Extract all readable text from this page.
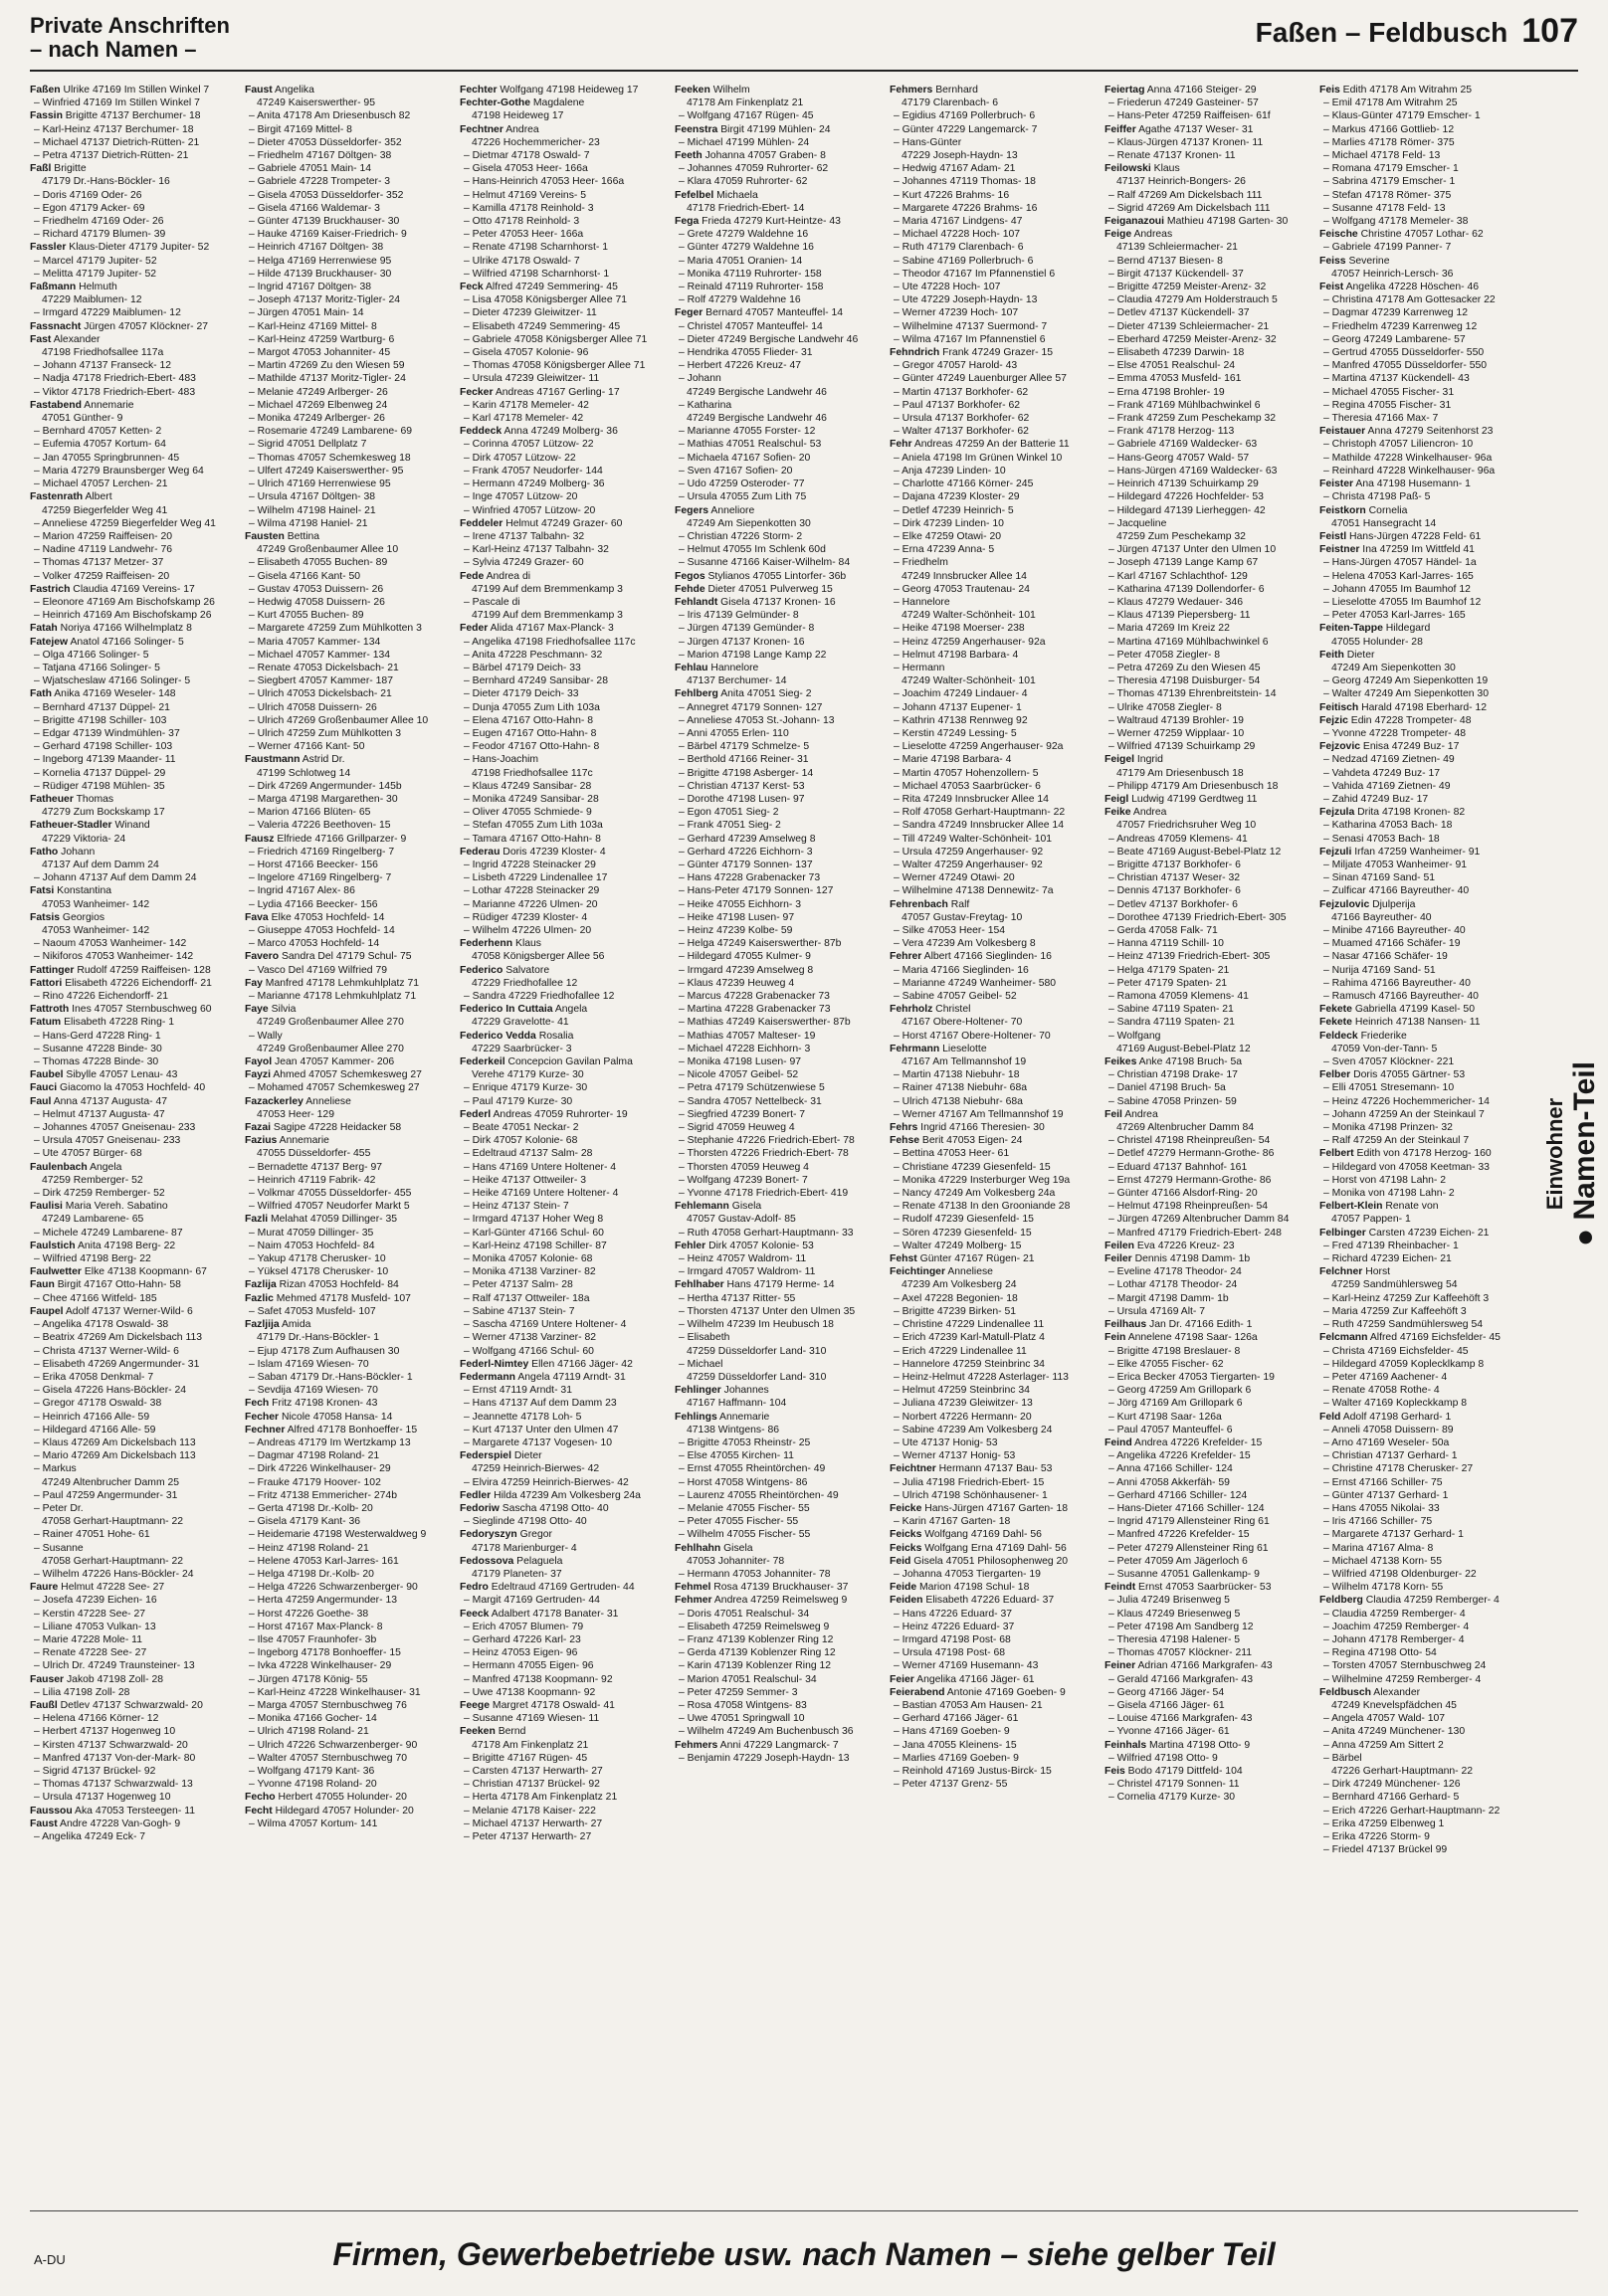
Private Anschriften
– nach Namen –
Faßen – Feldbusch 107
Faßen Ulrike 47169 Im Stillen Winkel 7
– Winfried 47169 Im Stillen Winkel 7
Fassin Brigitte 47137 Berchumer- 18
– Karl-Heinz 47137 Berchumer- 18
– Michael 47137 Dietrich-Rütten- 21
– Petra 47137 Dietrich-Rütten- 21
Faßl Brigitte
47179 Dr.-Hans-Böckler- 16
– Doris 47169 Oder- 26
– Egon 47179 Acker- 69
– Friedhelm 47169 Oder- 26
– Richard 47179 Blumen- 39
Fassler Klaus-Dieter 47179 Jupiter- 52
– Marcel 47179 Jupiter- 52
– Melitta 47179 Jupiter- 52
Faßmann Helmuth
47229 Maiblumen- 12
– Irmgard 47229 Maiblumen- 12
Fassnacht Jürgen 47057 Klöckner- 27
Fast Alexander
47198 Friedhofsallee 117a
– Johann 47137 Franseck- 12
– Nadja 47178 Friedrich-Ebert- 483
– Viktor 47178 Friedrich-Ebert- 483
Fastabend Annemarie
47051 Günther- 9
– Bernhard 47057 Ketten- 2
– Eufemia 47057 Kortum- 64
– Jan 47055 Springbrunnen- 45
– Maria 47279 Braunsberger Weg 64
– Michael 47057 Lerchen- 21
Fastenrath Albert
47259 Biegerfelder Weg 41
– Anneliese 47259 Biegerfelder Weg 41
– Marion 47259 Raiffeisen- 20
– Nadine 47119 Landwehr- 76
– Thomas 47137 Metzer- 37
– Volker 47259 Raiffeisen- 20
Fastrich Claudia 47169 Vereins- 17
– Eleonore 47169 Am Bischofskamp 26
– Heinrich 47169 Am Bischofskamp 26
Fatah Noriya 47166 Wilhelmplatz 8
Fatejew Anatol 47166 Solinger- 5
– Olga 47166 Solinger- 5
– Tatjana 47166 Solinger- 5
– Wjatscheslaw 47166 Solinger- 5
Fath Anika 47169 Weseler- 148
– Bernhard 47137 Düppel- 21
– Brigitte 47198 Schiller- 103
– Edgar 47139 Windmühlen- 37
– Gerhard 47198 Schiller- 103
– Ingeborg 47139 Maander- 11
– Kornelia 47137 Düppel- 29
– Rüdiger 47198 Mühlen- 35
Fatheuer Thomas
47279 Zum Bockskamp 17
Fatheuer-Stadler Winand
47229 Viktoria- 24
Fatho Johann
47137 Auf dem Damm 24
– Johann 47137 Auf dem Damm 24
Fatsi Konstantina
47053 Wanheimer- 142
Fatsis Georgios
47053 Wanheimer- 142
– Naoum 47053 Wanheimer- 142
– Nikiforos 47053 Wanheimer- 142
Fattinger Rudolf 47259 Raiffeisen- 128
Fattori Elisabeth 47226 Eichendorff- 21
– Rino 47226 Eichendorff- 21
Fattroth Ines 47057 Sternbuschweg 60
Fatum Elisabeth 47228 Ring- 1
– Hans-Gerd 47228 Ring- 1
– Susanne 47228 Binde- 30
– Thomas 47228 Binde- 30
Faubel Sibylle 47057 Lenau- 43
Fauci Giacomo la 47053 Hochfeld- 40
Faul Anna 47137 Augusta- 47
– Helmut 47137 Augusta- 47
– Johannes 47057 Gneisenau- 233
– Ursula 47057 Gneisenau- 233
– Ute 47057 Bürger- 68
Faulenbach Angela
47259 Remberger- 52
– Dirk 47259 Remberger- 52
Faulisi Maria Vereh. Sabatino
47249 Lambarene- 65
– Michele 47249 Lambarene- 87
Faulstich Anita 47198 Berg- 22
– Wilfried 47198 Berg- 22
Faulwetter Elke 47138 Koopmann- 67
Faun Birgit 47167 Otto-Hahn- 58
– Chee 47166 Witfeld- 185
Faupel Adolf 47137 Werner-Wild- 6
– Angelika 47178 Oswald- 38
– Beatrix 47269 Am Dickelsbach 113
– Christa 47137 Werner-Wild- 6
– Elisabeth 47269 Angermunder- 31
– Erika 47058 Denkmal- 7
– Gisela 47226 Hans-Böckler- 24
– Gregor 47178 Oswald- 38
– Heinrich 47166 Alle- 59
– Hildegard 47166 Alle- 59
– Klaus 47269 Am Dickelsbach 113
– Mario 47269 Am Dickelsbach 113
– Markus
47249 Altenbrucher Damm 25
– Paul 47259 Angermunder- 31
– Peter Dr.
47058 Gerhart-Hauptmann- 22
– Rainer 47051 Hohe- 61
– Susanne
47058 Gerhart-Hauptmann- 22
– Wilhelm 47226 Hans-Böckler- 24
Faure Helmut 47228 See- 27
– Josefa 47239 Eichen- 16
– Kerstin 47228 See- 27
– Liliane 47053 Vulkan- 13
– Marie 47228 Mole- 11
– Renate 47228 See- 27
– Ulrich Dr. 47249 Traunsteiner- 13
Fauser Jakob 47198 Zoll- 28
– Lilia 47198 Zoll- 28
Faußl Detlev 47137 Schwarzwald- 20
– Helena 47166 Körner- 12
– Herbert 47137 Hogenweg 10
– Kirsten 47137 Schwarzwald- 20
– Manfred 47137 Von-der-Mark- 80
– Sigrid 47137 Brückel- 92
– Thomas 47137 Schwarzwald- 13
– Ursula 47137 Hogenweg 10
Faussou Aka 47053 Tersteegen- 11
Faust Andre 47228 Van-Gogh- 9
– Angelika 47249 Eck- 7
Faust Angelika
47249 Kaiserswerther- 95
– Anita 47178 Am Driesenbusch 82
– Birgit 47169 Mittel- 8
– Dieter 47053 Düsseldorfer- 352
– Friedhelm 47167 Döltgen- 38
– Gabriele 47051 Main- 14
– Gabriele 47228 Trompeter- 3
– Gisela 47053 Düsseldorfer- 352
– Gisela 47166 Waldemar- 3
– Günter 47139 Bruckhauser- 30
– Hauke 47169 Kaiser-Friedrich- 9
– Heinrich 47167 Döltgen- 38
– Helga 47169 Herrenwiese 95
– Hilde 47139 Bruckhauser- 30
– Ingrid 47167 Döltgen- 38
– Joseph 47137 Moritz-Tigler- 24
– Jürgen 47051 Main- 14
– Karl-Heinz 47169 Mittel- 8
– Karl-Heinz 47259 Wartburg- 6
– Margot 47053 Johanniter- 45
– Martin 47269 Zu den Wiesen 59
– Mathilde 47137 Moritz-Tigler- 24
– Melanie 47249 Arlberger- 26
– Michael 47269 Elbenweg 24
– Monika 47249 Arlberger- 26
– Rosemarie 47249 Lambarene- 69
– Sigrid 47051 Dellplatz 7
– Thomas 47057 Schemkesweg 18
– Ulfert 47249 Kaiserswerther- 95
– Ulrich 47169 Herrenwiese 95
– Ursula 47167 Döltgen- 38
– Wilhelm 47198 Hainel- 21
– Wilma 47198 Haniel- 21
Fausten Bettina
47249 Großenbaumer Allee 10
– Elisabeth 47055 Buchen- 89
– Gisela 47166 Kant- 50
– Gustav 47053 Duissern- 26
– Hedwig 47058 Duissern- 26
– Kurt 47055 Buchen- 89
– Margarete 47259 Zum Mühlkotten 3
– Maria 47057 Kammer- 134
– Michael 47057 Kammer- 134
– Renate 47053 Dickelsbach- 21
– Siegbert 47057 Kammer- 187
– Ulrich 47053 Dickelsbach- 21
– Ulrich 47058 Duissern- 26
– Ulrich 47269 Großenbaumer Allee 10
– Ulrich 47259 Zum Mühlkotten 3
– Werner 47166 Kant- 50
Faustmann Astrid Dr.
47199 Schlotweg 14
– Dirk 47269 Angermunder- 145b
– Marga 47198 Margarethen- 30
– Marion 47166 Blüten- 65
– Valeria 47226 Beethoven- 15
Fausz Elfriede 47166 Grillparzer- 9
– Friedrich 47169 Ringelberg- 7
– Horst 47166 Beecker- 156
– Ingelore 47169 Ringelberg- 7
– Ingrid 47167 Alex- 86
– Lydia 47166 Beecker- 156
Fava Elke 47053 Hochfeld- 14
– Giuseppe 47053 Hochfeld- 14
– Marco 47053 Hochfeld- 14
Favero Sandra Del 47179 Schul- 75
– Vasco Del 47169 Wilfried 79
Fay Manfred 47178 Lehmkuhlplatz 71
– Marianne 47178 Lehmkuhlplatz 71
Faye Silvia
47249 Großenbaumer Allee 270
– Wally
47249 Großenbaumer Allee 270
Fayol Jean 47057 Kammer- 206
Fayzi Ahmed 47057 Schemkesweg 27
– Mohamed 47057 Schemkesweg 27
Fazackerley Anneliese
47053 Heer- 129
Fazai Sagipe 47228 Heidacker 58
Fazius Annemarie
47055 Düsseldorfer- 455
– Bernadette 47137 Berg- 97
– Heinrich 47119 Fabrik- 42
– Volkmar 47055 Düsseldorfer- 455
– Wilfried 47057 Neudorfer Markt 5
Fazli Melahat 47059 Dillinger- 35
– Murat 47059 Dillinger- 35
– Naim 47053 Hochfeld- 84
– Yakup 47178 Cherusker- 10
– Yüksel 47178 Cherusker- 10
Fazlija Rizan 47053 Hochfeld- 84
Fazlic Mehmed 47178 Musfeld- 107
– Safet 47053 Musfeld- 107
Fazljija Amida
47179 Dr.-Hans-Böckler- 1
– Ejup 47178 Zum Aufhausen 30
– Islam 47169 Wiesen- 70
– Saban 47179 Dr.-Hans-Böckler- 1
– Sevdija 47169 Wiesen- 70
Fech Fritz 47198 Kronen- 43
Fecher Nicole 47058 Hansa- 14
Fechner Alfred 47178 Bonhoeffer- 15
– Andreas 47179 Im Wertzkamp 13
– Dagmar 47198 Roland- 21
– Dirk 47226 Winkelhauser- 29
– Frauke 47179 Hoover- 102
– Fritz 47138 Emmericher- 274b
– Gerta 47198 Dr.-Kolb- 20
– Gisela 47179 Kant- 36
– Heidemarie 47198 Westerwaldweg 9
– Heinz 47198 Roland- 21
– Helene 47053 Karl-Jarres- 161
– Helga 47198 Dr.-Kolb- 20
– Helga 47226 Schwarzenberger- 90
– Herta 47259 Angermunder- 13
– Horst 47226 Goethe- 38
– Horst 47167 Max-Planck- 8
– Ilse 47057 Fraunhofer- 3b
– Ingeborg 47178 Bonhoeffer- 15
– Ivka 47228 Winkelhauser- 29
– Jürgen 47178 König- 55
– Karl-Heinz 47228 Winkelhauser- 31
– Marga 47057 Sternbuschweg 76
– Monika 47166 Gocher- 14
– Ulrich 47198 Roland- 21
– Ulrich 47226 Schwarzenberger- 90
– Walter 47057 Sternbuschweg 70
– Wolfgang 47179 Kant- 36
– Yvonne 47198 Roland- 20
Fecho Herbert 47055 Holunder- 20
Fecht Hildegard 47057 Holunder- 20
– Wilma 47057 Kortum- 141
Fechter Wolfgang 47198 Heideweg 17
Fechter-Gothe Magdalene
47198 Heideweg 17
Fechtner Andrea
47226 Hochemmericher- 23
– Dietmar 47178 Oswald- 7
– Gisela 47053 Heer- 166a
– Hans-Heinrich 47053 Heer- 166a
– Helmut 47169 Vereins- 5
– Kamilla 47178 Reinhold- 3
– Otto 47178 Reinhold- 3
– Peter 47053 Heer- 166a
– Renate 47198 Scharnhorst- 1
– Ulrike 47178 Oswald- 7
– Wilfried 47198 Scharnhorst- 1
Feck Alfred 47249 Semmering- 45
– Lisa 47058 Königsberger Allee 71
– Dieter 47239 Gleiwitzer- 11
– Elisabeth 47249 Semmering- 45
– Gabriele 47058 Königsberger Allee 71
– Gisela 47057 Kolonie- 96
– Thomas 47058 Königsberger Allee 71
– Ursula 47239 Gleiwitzer- 11
Fecker Andreas 47167 Gerling- 17
– Karin 47178 Memeler- 42
– Karl 47178 Memeler- 42
Feddeck Anna 47249 Molberg- 36
– Corinna 47057 Lützow- 22
– Dirk 47057 Lützow- 22
– Frank 47057 Neudorfer- 144
– Hermann 47249 Molberg- 36
– Inge 47057 Lützow- 20
– Winfried 47057 Lützow- 20
Feddeler Helmut 47249 Grazer- 60
– Irene 47137 Talbahn- 32
– Karl-Heinz 47137 Talbahn- 32
– Sylvia 47249 Grazer- 60
Fede Andrea di
47199 Auf dem Bremmenkamp 3
– Pascale di
47199 Auf dem Bremmenkamp 3
Feder Alida 47167 Max-Planck- 3
– Angelika 47198 Friedhofsallee 117c
– Anita 47228 Peschmann- 32
– Bärbel 47179 Deich- 33
– Bernhard 47249 Sansibar- 28
– Dieter 47179 Deich- 33
– Dunja 47055 Zum Lith 103a
– Elena 47167 Otto-Hahn- 8
– Eugen 47167 Otto-Hahn- 8
– Feodor 47167 Otto-Hahn- 8
– Hans-Joachim
47198 Friedhofsallee 117c
– Klaus 47249 Sansibar- 28
– Monika 47249 Sansibar- 28
– Oliver 47055 Schmiede- 9
– Stefan 47055 Zum Lith 103a
– Tamara 47167 Otto-Hahn- 8
Federau Doris 47239 Kloster- 4
– Ingrid 47228 Steinacker 29
– Lisbeth 47229 Lindenallee 17
– Lothar 47228 Steinacker 29
– Marianne 47226 Ulmen- 20
– Rüdiger 47239 Kloster- 4
– Wilhelm 47226 Ulmen- 20
Federhenn Klaus
47058 Königsberger Allee 56
Federico Salvatore
47229 Friedhofallee 12
– Sandra 47229 Friedhofallee 12
Federico In Cuttaia Angela
47229 Gravelotte- 41
Federico Vedda Rosalia
47229 Saarbrücker- 3
Federkeil Concepcion Gavilan Palma
Verehe 47179 Kurze- 30
– Enrique 47179 Kurze- 30
– Paul 47179 Kurze- 30
Federl Andreas 47059 Ruhrorter- 19
– Beate 47051 Neckar- 2
– Dirk 47057 Kolonie- 68
– Edeltraud 47137 Salm- 28
– Hans 47169 Untere Holtener- 4
– Heike 47137 Ottweiler- 3
– Heike 47169 Untere Holtener- 4
– Heinz 47137 Stein- 7
– Irmgard 47137 Hoher Weg 8
– Karl-Günter 47166 Schul- 60
– Karl-Heinz 47198 Schiller- 87
– Monika 47057 Kolonie- 68
– Monika 47138 Varziner- 82
– Peter 47137 Salm- 28
– Ralf 47137 Ottweiler- 18a
– Sabine 47137 Stein- 7
– Sascha 47169 Untere Holtener- 4
– Werner 47138 Varziner- 82
– Wolfgang 47166 Schul- 60
Federl-Nimtey Ellen 47166 Jäger- 42
Federmann Angela 47119 Arndt- 31
– Ernst 47119 Arndt- 31
– Hans 47137 Auf dem Damm 23
– Jeannette 47178 Loh- 5
– Kurt 47137 Unter den Ulmen 47
– Margarete 47137 Vogesen- 10
Federspiel Dieter
47259 Heinrich-Bierwes- 42
– Elvira 47259 Heinrich-Bierwes- 42
Fedler Hilda 47239 Am Volkesberg 24a
Fedoriw Sascha 47198 Otto- 40
– Sieglinde 47198 Otto- 40
Fedoryszyn Gregor
47178 Marienburger- 4
Fedossova Pelaguela
47179 Planeten- 37
Fedro Edeltraud 47169 Gertruden- 44
– Margit 47169 Gertruden- 44
Feeck Adalbert 47178 Banater- 31
– Erich 47057 Blumen- 79
– Gerhard 47226 Karl- 23
– Heinz 47053 Eigen- 96
– Hermann 47055 Eigen- 96
– Manfred 47138 Koopmann- 92
– Uwe 47138 Koopmann- 92
Feege Margret 47178 Oswald- 41
– Susanne 47169 Wiesen- 11
Feeken Bernd
47178 Am Finkenplatz 21
– Brigitte 47167 Rügen- 45
– Carsten 47137 Herwarth- 27
– Christian 47137 Brückel- 92
– Herta 47178 Am Finkenplatz 21
– Melanie 47178 Kaiser- 222
– Michael 47137 Herwarth- 27
– Peter 47137 Herwarth- 27
Feeken Wilhelm
47178 Am Finkenplatz 21
– Wolfgang 47167 Rügen- 45
Feenstra Birgit 47199 Mühlen- 24
– Michael 47199 Mühlen- 24
Feeth Johanna 47057 Graben- 8
– Johannes 47059 Ruhrorter- 62
– Klara 47059 Ruhrorter- 62
Fefelbel Michaela
47178 Friedrich-Ebert- 14
Fega Frieda 47279 Kurt-Heintze- 43
– Grete 47279 Waldehne 16
– Günter 47279 Waldehne 16
– Maria 47051 Oranien- 14
– Monika 47119 Ruhrorter- 158
– Reinald 47119 Ruhrorter- 158
– Rolf 47279 Waldehne 16
Feger Bernard 47057 Manteuffel- 14
– Christel 47057 Manteuffel- 14
– Dieter 47249 Bergische Landwehr 46
– Hendrika 47055 Flieder- 31
– Herbert 47226 Kreuz- 47
– Johann
47249 Bergische Landwehr 46
– Katharina
47249 Bergische Landwehr 46
– Marianne 47055 Forster- 12
– Mathias 47051 Realschul- 53
– Michaela 47167 Sofien- 20
– Sven 47167 Sofien- 20
– Udo 47259 Osteroder- 77
– Ursula 47055 Zum Lith 75
Fegers Anneliore
47249 Am Siepenkotten 30
– Christian 47226 Storm- 2
– Helmut 47055 Im Schlenk 60d
– Susanne 47166 Kaiser-Wilhelm- 84
Fegos Stylianos 47055 Lintorfer- 36b
Fehde Dieter 47051 Pulverweg 15
Fehlandt Gisela 47137 Kronen- 16
– Iris 47139 Gelmünder- 8
– Jürgen 47139 Gemünder- 8
– Jürgen 47137 Kronen- 16
– Marion 47198 Lange Kamp 22
Fehlau Hannelore
47137 Berchumer- 14
Fehlberg Anita 47051 Sieg- 2
– Annegret 47179 Sonnen- 127
– Anneliese 47053 St.-Johann- 13
– Anni 47055 Erlen- 110
– Bärbel 47179 Schmelze- 5
– Berthold 47166 Reiner- 31
– Brigitte 47198 Asberger- 14
– Christian 47137 Kerst- 53
– Dorothe 47198 Lusen- 97
– Egon 47051 Sieg- 2
– Frank 47051 Sieg- 2
– Gerhard 47239 Amselweg 8
– Gerhard 47226 Eichhorn- 3
– Günter 47179 Sonnen- 137
– Hans 47228 Grabenacker 73
– Hans-Peter 47179 Sonnen- 127
– Heike 47055 Eichhorn- 3
– Heike 47198 Lusen- 97
– Heinz 47239 Kolbe- 59
– Helga 47249 Kaiserswerther- 87b
– Hildegard 47055 Kulmer- 9
– Irmgard 47239 Amselweg 8
– Klaus 47239 Heuweg 4
– Marcus 47228 Grabenacker 73
– Martina 47228 Grabenacker 73
– Mathias 47249 Kaiserswerther- 87b
– Mathias 47057 Malteser- 19
– Michael 47228 Eichhorn- 3
– Monika 47198 Lusen- 97
– Nicole 47057 Geibel- 52
– Petra 47179 Schützenwiese 5
– Sandra 47057 Nettelbeck- 31
– Siegfried 47239 Bonert- 7
– Sigrid 47059 Heuweg 4
– Stephanie 47226 Friedrich-Ebert- 78
– Thorsten 47226 Friedrich-Ebert- 78
– Thorsten 47059 Heuweg 4
– Wolfgang 47239 Bonert- 7
– Yvonne 47178 Friedrich-Ebert- 419
Fehlemann Gisela
47057 Gustav-Adolf- 85
– Ruth 47058 Gerhart-Hauptmann- 33
Fehler Dirk 47057 Kolonie- 53
– Heinz 47057 Waldrom- 11
– Irmgard 47057 Waldrom- 11
Fehlhaber Hans 47179 Herme- 14
– Hertha 47137 Ritter- 55
– Thorsten 47137 Unter den Ulmen 35
– Wilhelm 47239 Im Heubusch 18
– Elisabeth
47259 Düsseldorfer Land- 310
– Michael
47259 Düsseldorfer Land- 310
Fehlinger Johannes
47167 Haffmann- 104
Fehlings Annemarie
47138 Wintgens- 86
– Brigitte 47053 Rheinstr- 25
– Else 47055 Kirchen- 11
– Ernst 47055 Rheintörchen- 49
– Horst 47058 Wintgens- 86
– Laurenz 47055 Rheintörchen- 49
– Melanie 47055 Fischer- 55
– Peter 47055 Fischer- 55
– Wilhelm 47055 Fischer- 55
Fehlhahn Gisela
47053 Johanniter- 78
– Hermann 47053 Johanniter- 78
Fehmel Rosa 47139 Bruckhauser- 37
Fehmer Andrea 47259 Reimelsweg 9
– Doris 47051 Realschul- 34
– Elisabeth 47259 Reimelsweg 9
– Franz 47139 Koblenzer Ring 12
– Gerda 47139 Koblenzer Ring 12
– Karin 47139 Koblenzer Ring 12
– Marion 47051 Realschul- 34
– Peter 47259 Semmer- 3
– Rosa 47058 Wintgens- 83
– Uwe 47051 Springwall 10
– Wilhelm 47249 Am Buchenbusch 36
Fehmers Anni 47229 Langmarck- 7
– Benjamin 47229 Joseph-Haydn- 13
Fehmers Bernhard
47179 Clarenbach- 6
– Egidius 47169 Pollerbruch- 6
– Günter 47229 Langemarck- 7
– Hans-Günter
47229 Joseph-Haydn- 13
– Hedwig 47167 Adam- 21
– Johannes 47119 Thomas- 18
– Kurt 47226 Brahms- 16
– Margarete 47226 Brahms- 16
– Maria 47167 Lindgens- 47
– Michael 47228 Hoch- 107
– Ruth 47179 Clarenbach- 6
– Sabine 47169 Pollerbruch- 6
– Theodor 47167 Im Pfannenstiel 6
– Ute 47228 Hoch- 107
– Ute 47229 Joseph-Haydn- 13
– Werner 47239 Hoch- 107
– Wilhelmine 47137 Suermond- 7
– Wilma 47167 Im Pfannenstiel 6
Fehndrich Frank 47249 Grazer- 15
– Gregor 47057 Harold- 43
– Günter 47249 Lauenburger Allee 57
– Martin 47137 Borkhofer- 62
– Paul 47137 Borkhofer- 62
– Ursula 47137 Borkhofer- 62
– Walter 47137 Borkhofer- 62
Fehr Andreas 47259 An der Batterie 11
– Aniela 47198 Im Grünen Winkel 10
– Anja 47239 Linden- 10
– Charlotte 47166 Körner- 245
– Dajana 47239 Kloster- 29
– Detlef 47239 Heinrich- 5
– Dirk 47239 Linden- 10
– Elke 47259 Otawi- 20
– Erna 47239 Anna- 5
– Friedhelm
47249 Innsbrucker Allee 14
– Georg 47053 Trautenau- 24
– Hannelore
47249 Walter-Schönheit- 101
– Heike 47198 Moerser- 238
– Heinz 47259 Angerhauser- 92a
– Helmut 47198 Barbara- 4
– Hermann
47249 Walter-Schönheit- 101
– Joachim 47249 Lindauer- 4
– Johann 47137 Eupener- 1
– Kathrin 47138 Rennweg 92
– Kerstin 47249 Lessing- 5
– Lieselotte 47259 Angerhauser- 92a
– Marie 47198 Barbara- 4
– Martin 47057 Hohenzollern- 5
– Michael 47053 Saarbrücker- 6
– Rita 47249 Innsbrucker Allee 14
– Rolf 47058 Gerhart-Hauptmann- 22
– Sandra 47249 Innsbrucker Allee 14
– Till 47249 Walter-Schönheit- 101
– Ursula 47259 Angerhauser- 92
– Walter 47259 Angerhauser- 92
– Werner 47249 Otawi- 20
– Wilhelmine 47138 Dennewitz- 7a
Fehrenbach Ralf
47057 Gustav-Freytag- 10
– Silke 47053 Heer- 154
– Vera 47239 Am Volkesberg 8
Fehrer Albert 47166 Sieglinden- 16
– Maria 47166 Sieglinden- 16
– Marianne 47249 Wanheimer- 580
– Sabine 47057 Geibel- 52
Fehrholz Christel
47167 Obere-Holtener- 70
– Horst 47167 Obere-Holtener- 70
Fehrmann Lieselotte
47167 Am Tellmannshof 19
– Martin 47138 Niebuhr- 18
– Rainer 47138 Niebuhr- 68a
– Ulrich 47138 Niebuhr- 68a
– Werner 47167 Am Tellmannshof 19
Fehrs Ingrid 47166 Theresien- 30
Fehse Berit 47053 Eigen- 24
– Bettina 47053 Heer- 61
– Christiane 47239 Giesenfeld- 15
– Monika 47229 Insterburger Weg 19a
– Nancy 47249 Am Volkesberg 24a
– Renate 47138 In den Grooniande 28
– Rudolf 47239 Giesenfeld- 15
– Sören 47239 Giesenfeld- 15
– Walter 47249 Molberg- 15
Fehst Günter 47167 Rügen- 21
Feichtinger Anneliese
47239 Am Volkesberg 24
– Axel 47228 Begonien- 18
– Brigitte 47239 Birken- 51
– Christine 47229 Lindenallee 11
– Erich 47239 Karl-Matull-Platz 4
– Erich 47229 Lindenallee 11
– Hannelore 47259 Steinbrinc 34
– Heinz-Helmut 47228 Asterlager- 113
– Helmut 47259 Steinbrinc 34
– Juliana 47239 Gleiwitzer- 13
– Norbert 47226 Hermann- 20
– Sabine 47239 Am Volkesberg 24
– Ute 47137 Honig- 53
– Werner 47137 Honig- 53
Feichtner Hermann 47137 Bau- 53
– Julia 47198 Friedrich-Ebert- 15
– Ulrich 47198 Schönhausener- 1
Feicke Hans-Jürgen 47167 Garten- 18
– Karin 47167 Garten- 18
Feicks Wolfgang 47169 Dahl- 56
Feicks Wolfgang Erna 47169 Dahl- 56
Feid Gisela 47051 Philosophenweg 20
– Johanna 47053 Tiergarten- 19
Feide Marion 47198 Schul- 18
Feiden Elisabeth 47226 Eduard- 37
– Hans 47226 Eduard- 37
– Heinz 47226 Eduard- 37
– Irmgard 47198 Post- 68
– Ursula 47198 Post- 68
– Werner 47169 Husemann- 43
Feier Angelika 47166 Jäger- 61
Feierabend Antonie 47169 Goeben- 9
– Bastian 47053 Am Hausen- 21
– Gerhard 47166 Jäger- 61
– Hans 47169 Goeben- 9
– Jana 47055 Kleinens- 15
– Marlies 47169 Goeben- 9
– Reinhold 47169 Justus-Birck- 15
– Peter 47137 Grenz- 55
Feiertag Anna 47166 Steiger- 29
– Friederun 47249 Gasteiner- 57
– Hans-Peter 47259 Raiffeisen- 61f
Feiffer Agathe 47137 Weser- 31
– Klaus-Jürgen 47137 Kronen- 11
– Renate 47137 Kronen- 11
Feilowski Klaus
47137 Heinrich-Bongers- 26
– Ralf 47269 Am Dickelsbach 111
– Sigrid 47269 Am Dickelsbach 111
Feiganazoui Mathieu 47198 Garten- 30
Feige Andreas
47139 Schleiermacher- 21
– Bernd 47137 Biesen- 8
– Birgit 47137 Kückendell- 37
– Brigitte 47259 Meister-Arenz- 32
– Claudia 47279 Am Holderstrauch 5
– Detlev 47137 Kückendell- 37
– Dieter 47139 Schleiermacher- 21
– Eberhard 47259 Meister-Arenz- 32
– Elisabeth 47239 Darwin- 18
– Else 47051 Realschul- 24
– Emma 47053 Musfeld- 161
– Erna 47198 Brohler- 19
– Frank 47169 Mühlbachwinkel 6
– Frank 47259 Zum Peschekamp 32
– Frank 47178 Herzog- 113
– Gabriele 47169 Waldecker- 63
– Hans-Georg 47057 Wald- 57
– Hans-Jürgen 47169 Waldecker- 63
– Heinrich 47139 Schuirkamp 29
– Hildegard 47226 Hochfelder- 53
– Hildegard 47139 Lierheggen- 42
– Jacqueline
47259 Zum Peschekamp 32
– Jürgen 47137 Unter den Ulmen 10
– Joseph 47139 Lange Kamp 67
– Karl 47167 Schlachthof- 129
– Katharina 47139 Dollendorfer- 6
– Klaus 47279 Wedauer- 346
– Klaus 47139 Piepersberg- 11
– Maria 47269 Im Kreiz 22
– Martina 47169 Mühlbachwinkel 6
– Peter 47058 Ziegler- 8
– Petra 47269 Zu den Wiesen 45
– Theresia 47198 Duisburger- 54
– Thomas 47139 Ehrenbreitstein- 14
– Ulrike 47058 Ziegler- 8
– Waltraud 47139 Brohler- 19
– Werner 47259 Wipplaar- 10
– Wilfried 47139 Schuirkamp 29
Feigel Ingrid
47179 Am Driesenbusch 18
– Philipp 47179 Am Driesenbusch 18
Feigl Ludwig 47199 Gerdtweg 11
Feike Andrea
47057 Friedrichsruher Weg 10
– Andreas 47059 Klemens- 41
– Beate 47169 August-Bebel-Platz 12
– Brigitte 47137 Borkhofer- 6
– Christian 47137 Weser- 32
– Dennis 47137 Borkhofer- 6
– Detlev 47137 Borkhofer- 6
– Dorothee 47139 Friedrich-Ebert- 305
– Gerda 47058 Falk- 71
– Hanna 47119 Schill- 10
– Heinz 47139 Friedrich-Ebert- 305
– Helga 47179 Spaten- 21
– Peter 47179 Spaten- 21
– Ramona 47059 Klemens- 41
– Sabine 47119 Spaten- 21
– Sandra 47119 Spaten- 21
– Wolfgang
47169 August-Bebel-Platz 12
Feikes Anke 47198 Bruch- 5a
– Christian 47198 Drake- 17
– Daniel 47198 Bruch- 5a
– Sabine 47058 Prinzen- 59
Feil Andrea
47269 Altenbrucher Damm 84
– Christel 47198 Rheinpreußen- 54
– Detlef 47279 Hermann-Grothe- 86
– Eduard 47137 Bahnhof- 161
– Ernst 47279 Hermann-Grothe- 86
– Günter 47166 Alsdorf-Ring- 20
– Helmut 47198 Rheinpreußen- 54
– Jürgen 47269 Altenbrucher Damm 84
– Manfred 47179 Friedrich-Ebert- 248
Feilen Eva 47226 Kreuz- 23
Feiler Dennis 47198 Damm- 1b
– Eveline 47178 Theodor- 24
– Lothar 47178 Theodor- 24
– Margit 47198 Damm- 1b
– Ursula 47169 Alt- 7
Feilhaus Jan Dr. 47166 Edith- 1
Fein Annelene 47198 Saar- 126a
– Brigitte 47198 Breslauer- 8
– Elke 47055 Fischer- 62
– Erica Becker 47053 Tiergarten- 19
– Georg 47259 Am Grillopark 6
– Jörg 47169 Am Grillopark 6
– Kurt 47198 Saar- 126a
– Paul 47057 Manteuffel- 6
Feind Andrea 47226 Krefelder- 15
– Angelika 47226 Krefelder- 15
– Anna 47166 Schiller- 124
– Anni 47058 Akkerfäh- 59
– Gerhard 47166 Schiller- 124
– Hans-Dieter 47166 Schiller- 124
– Ingrid 47179 Allensteiner Ring 61
– Manfred 47226 Krefelder- 15
– Peter 47279 Allensteiner Ring 61
– Peter 47059 Am Jägerloch 6
– Susanne 47051 Gallenkamp- 9
Feindt Ernst 47053 Saarbrücker- 53
– Julia 47249 Brisenweg 5
– Klaus 47249 Briesenweg 5
– Peter 47198 Am Sandberg 12
– Theresia 47198 Halener- 5
– Thomas 47057 Klöckner- 211
Feiner Adrian 47166 Markgrafen- 43
– Gerald 47166 Markgrafen- 43
– Georg 47166 Jäger- 54
– Gisela 47166 Jäger- 61
– Louise 47166 Markgrafen- 43
– Yvonne 47166 Jäger- 61
Feinhals Martina 47198 Otto- 9
– Wilfried 47198 Otto- 9
Feis Bodo 47179 Dittfeld- 104
– Christel 47179 Sonnen- 11
– Cornelia 47179 Kurze- 30
Feis Edith 47178 Am Witrahm 25
– Emil 47178 Am Witrahm 25
– Klaus-Günter 47179 Emscher- 1
– Markus 47166 Gottlieb- 12
– Marlies 47178 Römer- 375
– Michael 47178 Feld- 13
– Romana 47179 Emscher- 1
– Sabrina 47179 Emscher- 1
– Stefan 47178 Römer- 375
– Susanne 47178 Feld- 13
– Wolfgang 47178 Memeler- 38
Feische Christine 47057 Lothar- 62
– Gabriele 47199 Panner- 7
Feiss Severine
47057 Heinrich-Lersch- 36
Feist Angelika 47228 Höschen- 46
– Christina 47178 Am Gottesacker 22
– Dagmar 47239 Karrenweg 12
– Friedhelm 47239 Karrenweg 12
– Georg 47249 Lambarene- 57
– Gertrud 47055 Düsseldorfer- 550
– Manfred 47055 Düsseldorfer- 550
– Martina 47137 Kückendell- 43
– Michael 47055 Fischer- 31
– Regina 47055 Fischer- 31
– Theresia 47166 Max- 7
Feistauer Anna 47279 Seitenhorst 23
– Christoph 47057 Liliencron- 10
– Mathilde 47228 Winkelhauser- 96a
– Reinhard 47228 Winkelhauser- 96a
Feister Ana 47198 Husemann- 1
– Christa 47198 Paß- 5
Feistkorn Cornelia
47051 Hansegracht 14
Feistl Hans-Jürgen 47228 Feld- 61
Feistner Ina 47259 Im Wittfeld 41
– Hans-Jürgen 47057 Händel- 1a
– Helena 47053 Karl-Jarres- 165
– Johann 47055 Im Baumhof 12
– Lieselotte 47055 Im Baumhof 12
– Peter 47053 Karl-Jarres- 165
Feiten-Tappe Hildegard
47055 Holunder- 28
Feith Dieter
47249 Am Siepenkotten 30
– Georg 47249 Am Siepenkotten 19
– Walter 47249 Am Siepenkotten 30
Feitisch Harald 47198 Eberhard- 12
Fejzic Edin 47228 Trompeter- 48
– Yvonne 47228 Trompeter- 48
Fejzovic Enisa 47249 Buz- 17
– Nedzad 47169 Zietnen- 49
– Vahdeta 47249 Buz- 17
– Vahida 47169 Zietnen- 49
– Zahid 47249 Buz- 17
Fejzula Drita 47198 Kronen- 82
– Katharina 47053 Bach- 18
– Senasi 47053 Bach- 18
Fejzuli Irfan 47259 Wanheimer- 91
– Miljate 47053 Wanheimer- 91
– Sinan 47169 Sand- 51
– Zulficar 47166 Bayreuther- 40
Fejzulovic Djulperija
47166 Bayreuther- 40
– Minibe 47166 Bayreuther- 40
– Muamed 47166 Schäfer- 19
– Nasar 47166 Schäfer- 19
– Nurija 47169 Sand- 51
– Rahima 47166 Bayreuther- 40
– Ramusch 47166 Bayreuther- 40
Fekete Gabriella 47199 Kasel- 50
Fekete Heinrich 47138 Nansen- 11
Feldeck Friederike
47059 Von-der-Tann- 5
– Sven 47057 Klöckner- 221
Felber Doris 47055 Gärtner- 53
– Elli 47051 Stresemann- 10
– Heinz 47226 Hochemmericher- 14
– Johann 47259 An der Steinkaul 7
– Monika 47198 Prinzen- 32
– Ralf 47259 An der Steinkaul 7
Felbert Edith von 47178 Herzog- 160
– Hildegard von 47058 Keetman- 33
– Horst von 47198 Lahn- 2
– Monika von 47198 Lahn- 2
Felbert-Klein Renate von
47057 Pappen- 1
Felbinger Carsten 47239 Eichen- 21
– Fred 47139 Rheinbacher- 1
– Richard 47239 Eichen- 21
Felchner Horst
47259 Sandmühlersweg 54
– Karl-Heinz 47259 Zur Kaffeehöft 3
– Maria 47259 Zur Kaffeehöft 3
– Ruth 47259 Sandmühlersweg 54
Felcmann Alfred 47169 Eichsfelder- 45
– Christa 47169 Eichsfelder- 45
– Hildegard 47059 Koplecklkamp 8
– Peter 47169 Aachener- 4
– Renate 47058 Rothe- 4
– Walter 47169 Kopleckkamp 8
Feld Adolf 47198 Gerhard- 1
– Anneli 47058 Duissern- 89
– Arno 47169 Weseler- 50a
– Christian 47137 Gerhard- 1
– Christine 47178 Cherusker- 27
– Ernst 47166 Schiller- 75
– Günter 47137 Gerhard- 1
– Hans 47055 Nikolai- 33
– Iris 47166 Schiller- 75
– Margarete 47137 Gerhard- 1
– Marina 47167 Alma- 8
– Michael 47138 Korn- 55
– Wilfried 47198 Oldenburger- 22
– Wilhelm 47178 Korn- 55
Feldberg Claudia 47259 Remberger- 4
– Claudia 47259 Remberger- 4
– Joachim 47259 Remberger- 4
– Johann 47178 Remberger- 4
– Regina 47198 Otto- 54
– Torsten 47057 Sternbuschweg 24
– Wilhelmine 47259 Remberger- 4
Feldbusch Alexander
47249 Knevelspfädchen 45
– Angela 47057 Wald- 107
– Anita 47249 Münchener- 130
– Anna 47259 Am Sittert 2
– Bärbel
47226 Gerhart-Hauptmann- 22
– Dirk 47249 Münchener- 126
– Bernhard 47166 Gerhard- 5
– Erich 47226 Gerhart-Hauptmann- 22
– Erika 47259 Elbenweg 1
– Erika 47226 Storm- 9
– Friedel 47137 Brückel 99
Einwohner ● Namen-Teil
A-DU	Firmen, Gewerbebetriebe usw. nach Namen – siehe gelber Teil
